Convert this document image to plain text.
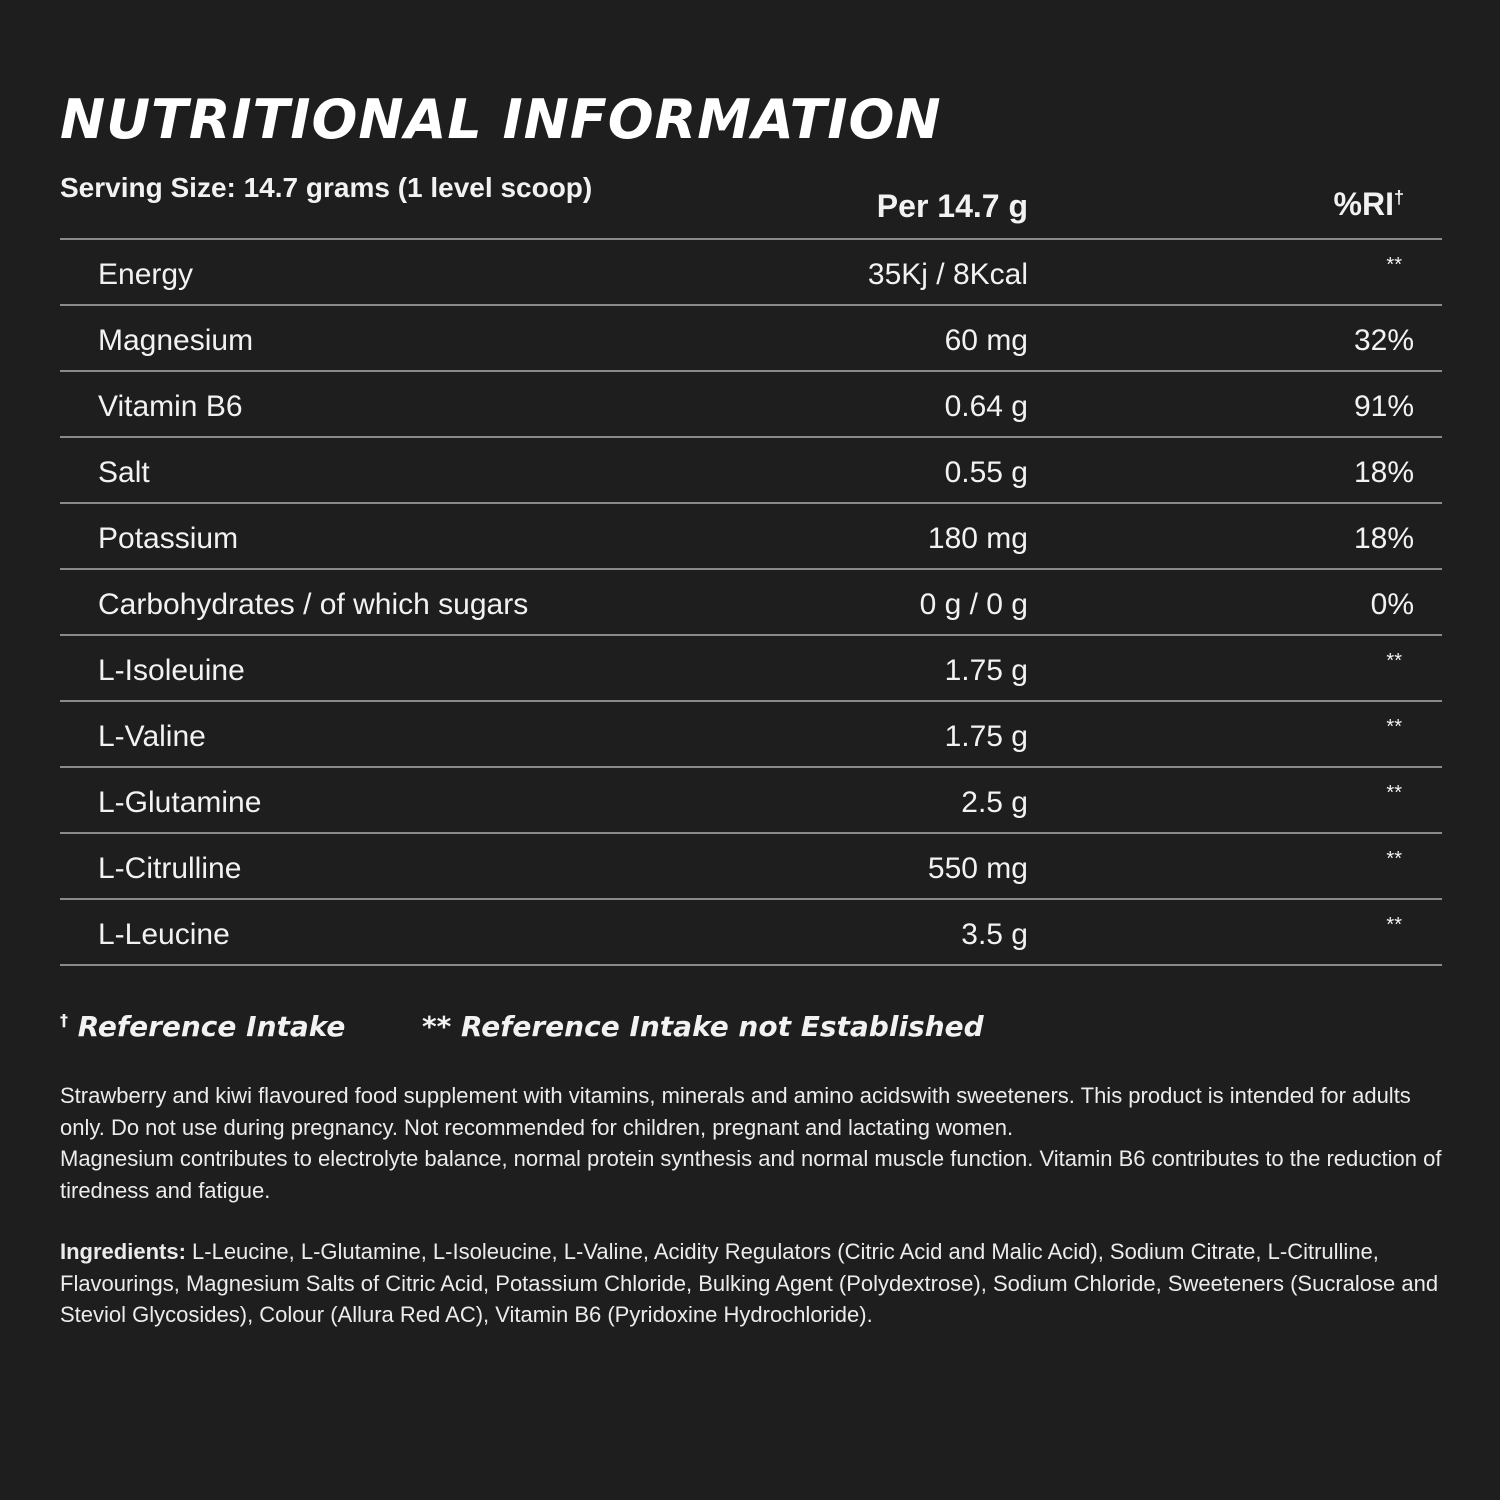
NUTRITIONAL INFORMATION
Serving Size: 14.7 grams (1 level scoop)
Per 14.7 g	%RI†
Energy	35Kj / 8Kcal	**
Magnesium	60 mg	32%
Vitamin B6	0.64 g	91%
Salt	0.55 g	18%
Potassium	180 mg	18%
Carbohydrates / of which sugars	0 g / 0 g	0%
L-Isoleuine	1.75 g	**
L-Valine	1.75 g	**
L-Glutamine	2.5 g	**
L-Citrulline	550 mg	**
L-Leucine	3.5 g	**
† Reference Intake	** Reference Intake not Established

Strawberry and kiwi flavoured food supplement with vitamins, minerals and amino acidswith sweeteners. This product is intended for adults only. Do not use during pregnancy. Not recommended for children, pregnant and lactating women.

Magnesium contributes to electrolyte balance, normal protein synthesis and normal muscle function. Vitamin B6 contributes to the reduction of tiredness and fatigue.

Ingredients: L-Leucine, L-Glutamine, L-Isoleucine, L-Valine, Acidity Regulators (Citric Acid and Malic Acid), Sodium Citrate, L-Citrulline, Flavourings, Magnesium Salts of Citric Acid, Potassium Chloride, Bulking Agent (Polydextrose), Sodium Chloride, Sweeteners (Sucralose and Steviol Glycosides), Colour (Allura Red AC), Vitamin B6 (Pyridoxine Hydrochloride).
